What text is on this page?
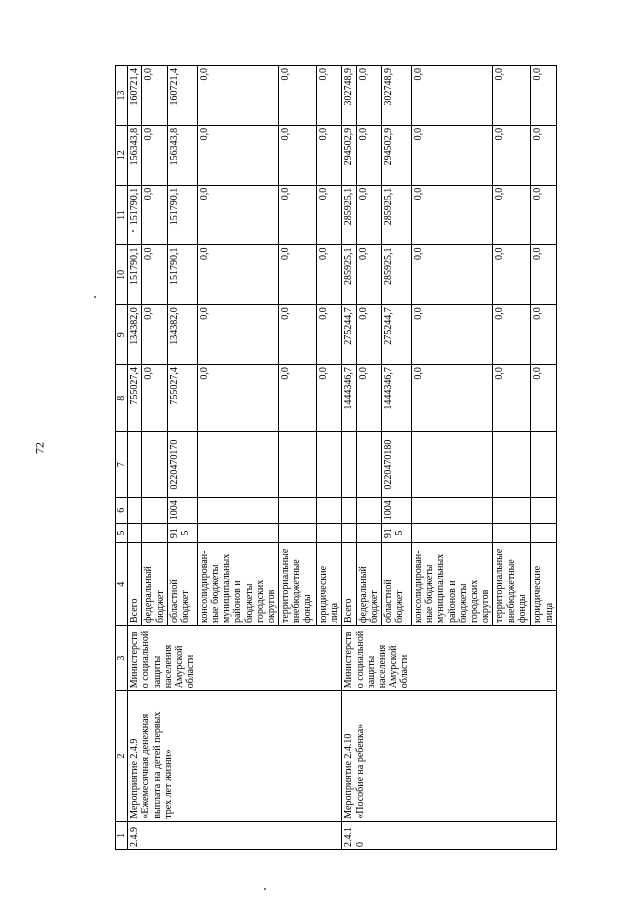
72
1	2	3	4	5	6	7	8	9	10	11	12	13
2.4.9	Мероприятие 2.4.9 «Ежемесячная денежная выплата на детей первых трех лет жизни»	Министерство социальной защиты населения Амурской области	Всего				755027,4	134382,0	151790,1	151790,1	156343,8	160721,4
			федеральный бюджет				0,0	0,0	0,0	0,0	0,0	0,0
			областной бюджет	915	1004	0220470170	755027,4	134382,0	151790,1	151790,1	156343,8	160721,4
			консолидирован-ные бюджеты муниципальных районов и бюджеты городских округов				0,0	0,0	0,0	0,0	0,0	0,0
			территориальные внебюджетные фонды				0,0	0,0	0,0	0,0	0,0	0,0
			юридические лица				0,0	0,0	0,0	0,0	0,0	0,0
2.4.10	Мероприятие 2.4.10 «Пособие на ребенка»	Министерство социальной защиты населения Амурской области	Всего				1444346,7	275244,7	285925,1	285925,1	294502,9	302748,9
			федеральный бюджет				0,0	0,0	0,0	0,0	0,0	0,0
			областной бюджет	915	1004	0220470180	1444346,7	275244,7	285925,1	285925,1	294502,9	302748,9
			консолидирован-ные бюджеты муниципальных районов и бюджеты городских округов				0,0	0,0	0,0	0,0	0,0	0,0
			территориальные внебюджетные фонды				0,0	0,0	0,0	0,0	0,0	0,0
			юридические лица				0,0	0,0	0,0	0,0	0,0	0,0
